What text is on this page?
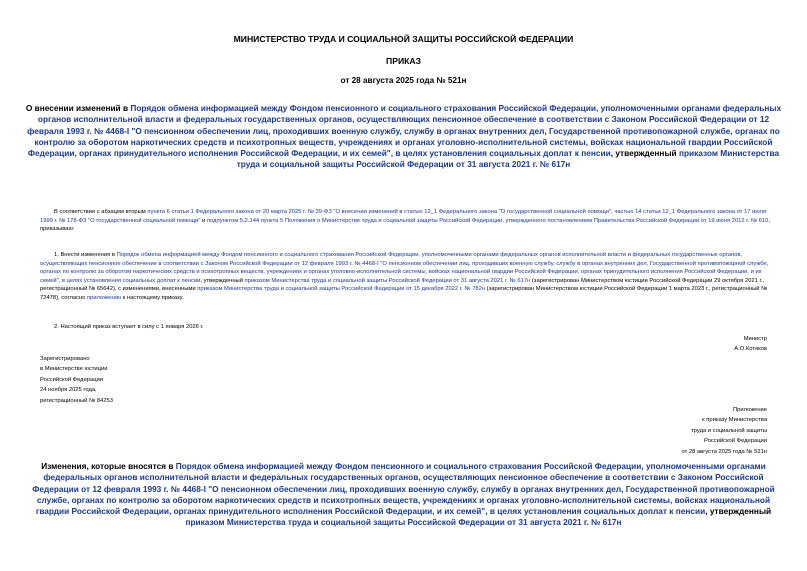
МИНИСТЕРСТВО ТРУДА И СОЦИАЛЬНОЙ ЗАЩИТЫ РОССИЙСКОЙ ФЕДЕРАЦИИ
ПРИКАЗ
от 28 августа 2025 года № 521н
О внесении изменений в Порядок обмена информацией между Фондом пенсионного и социального страхования Российской Федерации, уполномоченными органами федеральных органов исполнительной власти и федеральных государственных органов, осуществляющих пенсионное обеспечение в соответствии с Законом Российской Федерации от 12 февраля 1993 г. № 4468-I "О пенсионном обеспечении лиц, проходивших военную службу, службу в органах внутренних дел, Государственной противопожарной службе, органах по контролю за оборотом наркотических средств и психотропных веществ, учреждениях и органах уголовно-исполнительной системы, войсках национальной гвардии Российской Федерации, органах принудительного исполнения Российской Федерации, и их семей", в целях установления социальных доплат к пенсии, утвержденный приказом Министерства труда и социальной защиты Российской Федерации от 31 августа 2021 г. № 617н
В соответствии с абзацем вторым пункта 6 статьи 1 Федерального закона от 20 марта 2025 г. № 39-ФЗ "О внесении изменений в статью 12_1 Федерального закона "О государственной социальной помощи", частью 14 статьи 12_1 Федерального закона от 17 июля 1999 г. № 178-ФЗ "О государственной социальной помощи" и подпунктом 5.2.144 пункта 5 Положения о Министерстве труда и социальной защиты Российской Федерации, утвержденного постановлением Правительства Российской Федерации от 19 июня 2012 г. № 610,
приказываю:
1. Внести изменения в Порядок обмена информацией между Фондом пенсионного и социального страхования Российской Федерации, уполномоченными органами федеральных органов исполнительной власти и федеральных государственных органов, осуществляющих пенсионное обеспечение в соответствии с Законом Российской Федерации от 12 февраля 1993 г. № 4468-I "О пенсионном обеспечении лиц, проходивших военную службу, службу в органах внутренних дел, Государственной противопожарной службе, органах по контролю за оборотом наркотических средств и психотропных веществ, учреждениях и органах уголовно-исполнительной системы, войсках национальной гвардии Российской Федерации, органах принудительного исполнения Российской Федерации, и их семей", в целях установления социальных доплат к пенсии, утвержденный приказом Министерства труда и социальной защиты Российской Федерации от 31 августа 2021 г. № 617н (зарегистрирован Министерством юстиции Российской Федерации 29 октября 2021 г., регистрационный № 65642), с изменениями, внесенными приказом Министерства труда и социальной защиты Российской Федерации от 15 декабря 2022 г. № 782н (зарегистрирован Министерством юстиции Российской Федерации 1 марта 2023 г., регистрационный № 72478), согласно приложению к настоящему приказу.
2. Настоящий приказ вступает в силу с 1 января 2026 г.
Министр
А.О.Котяков
Зарегистрировано
в Министерстве юстиции
Российской Федерации
24 ноября 2025 года,
регистрационный № 84253
Приложение
к приказу Министерства
труда и социальной защиты
Российской Федерации
от 28 августа 2025 года № 521н
Изменения, которые вносятся в Порядок обмена информацией между Фондом пенсионного и социального страхования Российской Федерации, уполномоченными органами федеральных органов исполнительной власти и федеральных государственных органов, осуществляющих пенсионное обеспечение в соответствии с Законом Российской Федерации от 12 февраля 1993 г. № 4468-I "О пенсионном обеспечении лиц, проходивших военную службу, службу в органах внутренних дел, Государственной противопожарной службе, органах по контролю за оборотом наркотических средств и психотропных веществ, учреждениях и органах уголовно-исполнительной системы, войсках национальной гвардии Российской Федерации, органах принудительного исполнения Российской Федерации, и их семей", в целях установления социальных доплат к пенсии, утвержденный приказом Министерства труда и социальной защиты Российской Федерации от 31 августа 2021 г. № 617н
